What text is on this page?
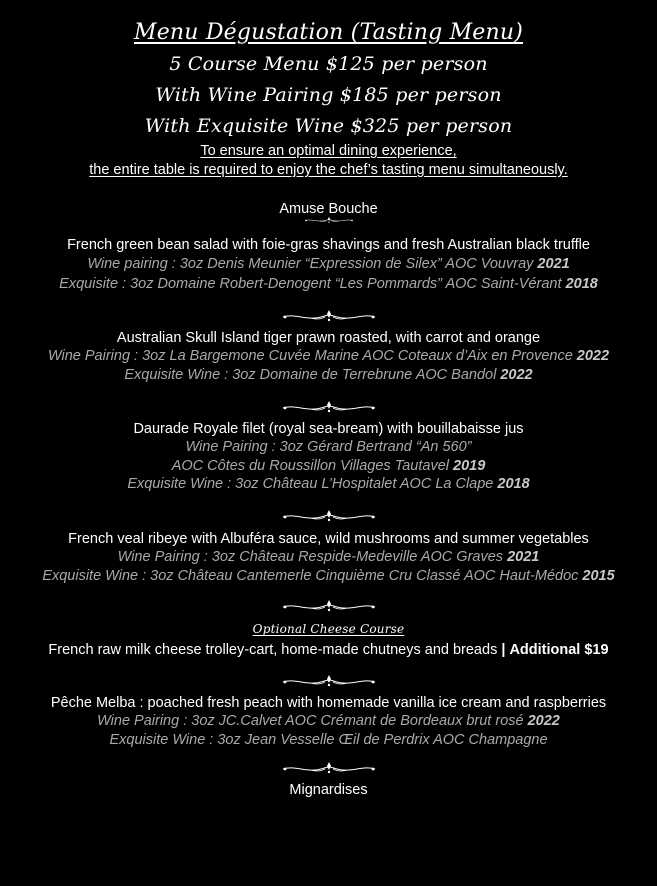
Menu Dégustation (Tasting Menu)
5 Course Menu $125 per person
With Wine Pairing $185 per person
With Exquisite Wine $325 per person
To ensure an optimal dining experience,
the entire table is required to enjoy the chef’s tasting menu simultaneously.
Amuse Bouche
French green bean salad with foie-gras shavings and fresh Australian black truffle
Wine pairing : 3oz Denis Meunier “Expression de Silex” AOC Vouvray 2021
Exquisite : 3oz Domaine Robert-Denogent “Les Pommards” AOC Saint-Vérant 2018
Australian Skull Island tiger prawn roasted, with carrot and orange
Wine Pairing : 3oz La Bargemone Cuvée Marine AOC Coteaux d’Aix en Provence 2022
Exquisite Wine : 3oz Domaine de Terrebrune AOC Bandol 2022
Daurade Royale filet (royal sea-bream) with bouillabaisse jus
Wine Pairing : 3oz Gérard Bertrand “An 560”
AOC Côtes du Roussillon Villages Tautavel 2019
Exquisite Wine : 3oz Château L’Hospitalet AOC La Clape 2018
French veal ribeye with Albuféra sauce, wild mushrooms and summer vegetables
Wine Pairing : 3oz Château Respide-Medeville AOC Graves 2021
Exquisite Wine : 3oz Château Cantemerle Cinquième Cru Classé AOC Haut-Médoc 2015
Optional Cheese Course
French raw milk cheese trolley-cart, home-made chutneys and breads | Additional $19
Pêche Melba : poached fresh peach with homemade vanilla ice cream and raspberries
Wine Pairing : 3oz JC.Calvet AOC Crémant de Bordeaux brut rosé 2022
Exquisite Wine : 3oz Jean Vesselle Œil de Perdrix AOC Champagne
Mignardises
